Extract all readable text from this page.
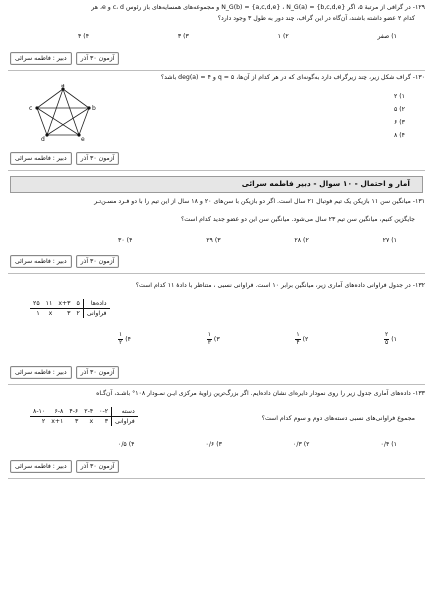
۱۲۹- در گرافی از مرتبهٔ ۵، اگر N_G(b) = {a,c,d,e} ، N_G(a) = {b,c,d,e} و مجموعه‌های همسایه‌های باز رئوس c، d و e، هر
کدام ۲ عضو داشته باشند، آن‌گاه در این گراف، چند دور به طول ۳ وجود دارد؟
۱) صفر
۲) ۱
۳) ۳
۴) ۴
دبیر : فاطمه سرائی	آزمون ۳۰ آذر
۱۳۰- گراف شکل زیر، چند زیرگراف دارد به‌گونه‌ای که در هر کدام از آن‌ها، ۵ = q و ۴ = deg(a) باشد؟
a
b
c
d	e
۱) ۲
۲) ۵
۳) ۶
۴) ۸
دبیر : فاطمه سرائی	آزمون ۳۰ آذر
آمار و احتمال - ۱۰ سوال - دبیر فاطمه سرائی
۱۳۱- میانگین سن ۱۱ بازیکن یک تیم فوتبال ۲۱ سال است. اگر دو بازیکن با سن‌های ۲۰ و ۱۸ سال از این تیم را با دو فـرد مسـن‌تـر
جایگزین کنیم، میانگین سن تیم ۲۳ سال می‌شود. میانگین سن این دو عضو جدید کدام است؟
۱) ۲۷
۲) ۲۸
۳) ۲۹
۴) ۳۰
دبیر : فاطمه سرائی	آزمون ۳۰ آذر
۱۳۲- در جدول فراوانی داده‌های آماری زیر، میانگین برابر ۱۰ است. فراوانی نسبی ، متناظر با دادهٔ ۱۱ کدام است؟
داده‌ها	۵	x+۳	۱۱	۲۵
فراوانی	۲	۳	x	۱
۱)
$\frac{۲}{۵}$
۲)
$\frac{۱}{۴}$
۳)
$\frac{۱}{۳}$
۴)
$\frac{۱}{۲}$
دبیر : فاطمه سرائی	آزمون ۳۰ آذر
۱۳۳- داده‌های آماری جدول زیر را روی نمودار دایره‌ای نشان داده‌ایم. اگر بزرگ‌ترین زاویهٔ مرکزی ایـن نمـودار ۱۰۸° باشـد، آن‌گـاه
دسته	۰-۲	۲-۴	۴-۶	۶-۸	۸-۱۰
فراوانی	۳	x	۳	x+۱	۲	مجموع فراوانی‌های نسبی دسته‌های دوم و سوم کدام است؟
۱) ۰/۴
۲) ۰/۳
۳) ۰/۶
۴) ۰/۵
دبیر : فاطمه سرائی	آزمون ۳۰ آذر
